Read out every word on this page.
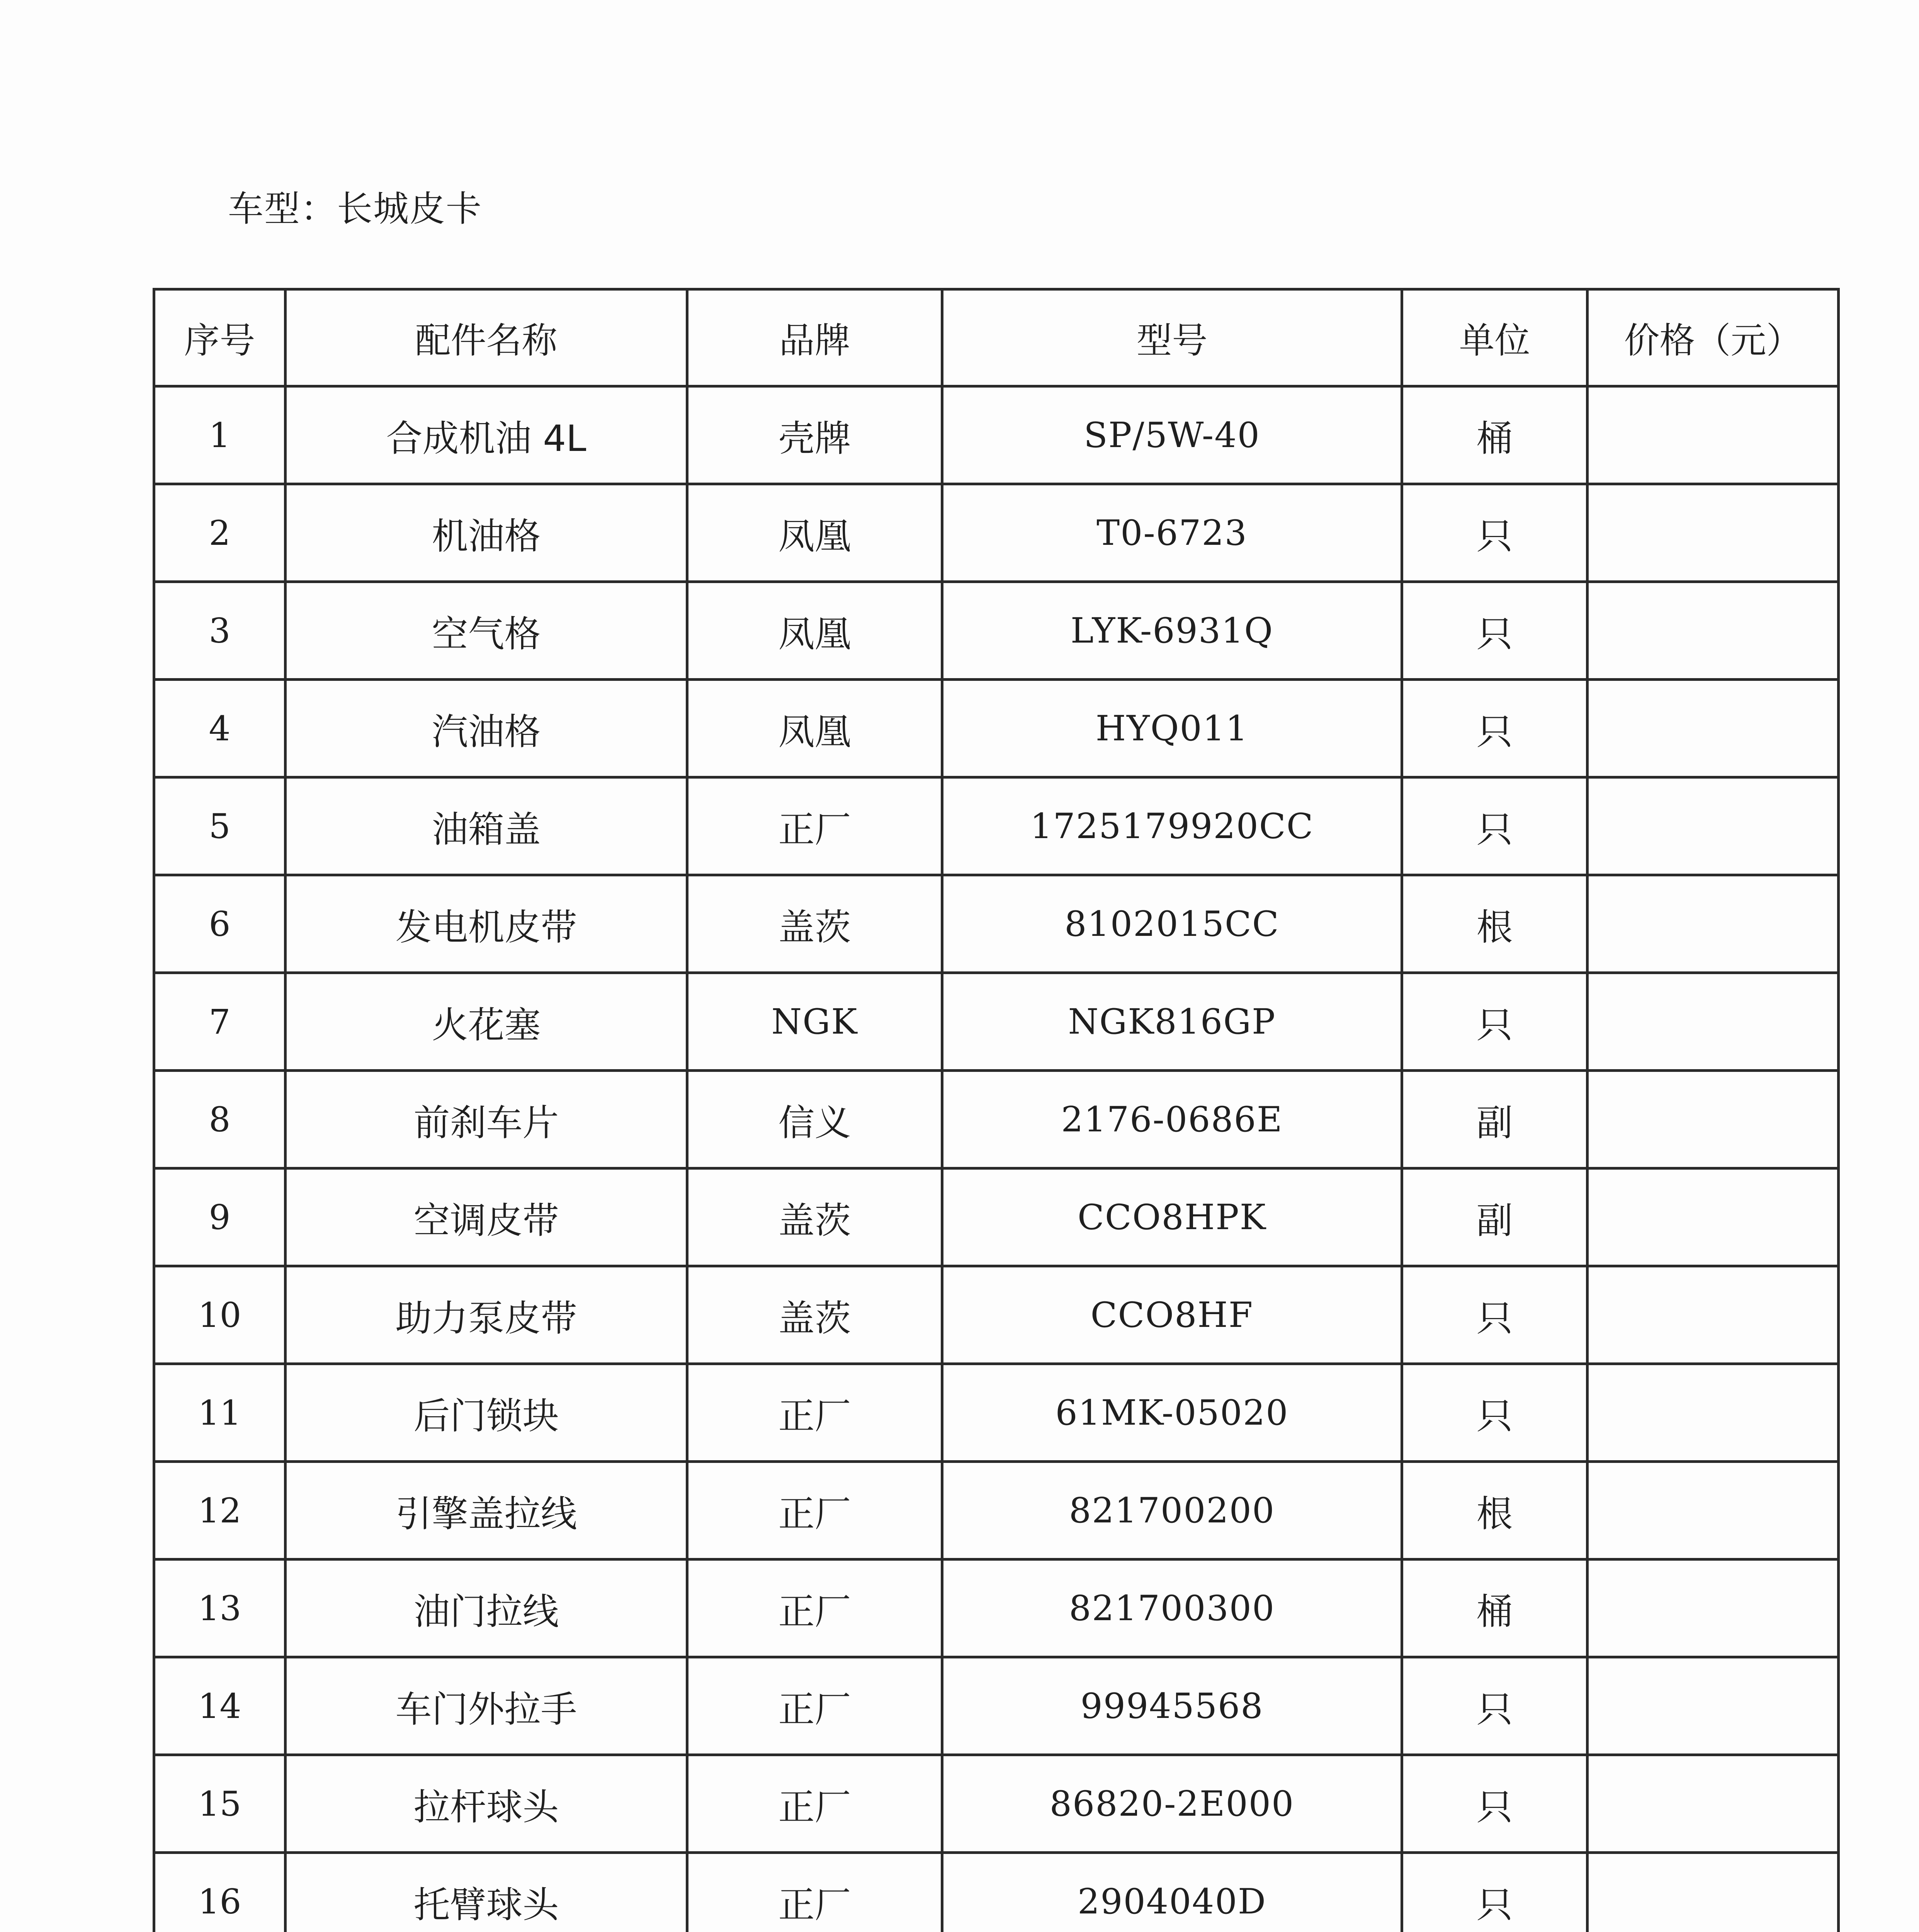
车型：长城皮卡
序号	配件名称	品牌	型号	单位	价格（元）
1	合成机油 4L	壳牌	SP/5W-40	桶	
2	机油格	凤凰	T0-6723	只	
3	空气格	凤凰	LYK-6931Q	只	
4	汽油格	凤凰	HYQ011	只	
5	油箱盖	正厂	1725179920CC	只	
6	发电机皮带	盖茨	8102015CC	根	
7	火花塞	NGK	NGK816GP	只	
8	前刹车片	信义	2176-0686E	副	
9	空调皮带	盖茨	CCO8HPK	副	
10	助力泵皮带	盖茨	CCO8HF	只	
11	后门锁块	正厂	61MK-05020	只	
12	引擎盖拉线	正厂	821700200	根	
13	油门拉线	正厂	821700300	桶	
14	车门外拉手	正厂	99945568	只	
15	拉杆球头	正厂	86820-2E000	只	
16	托臂球头	正厂	2904040D	只	
